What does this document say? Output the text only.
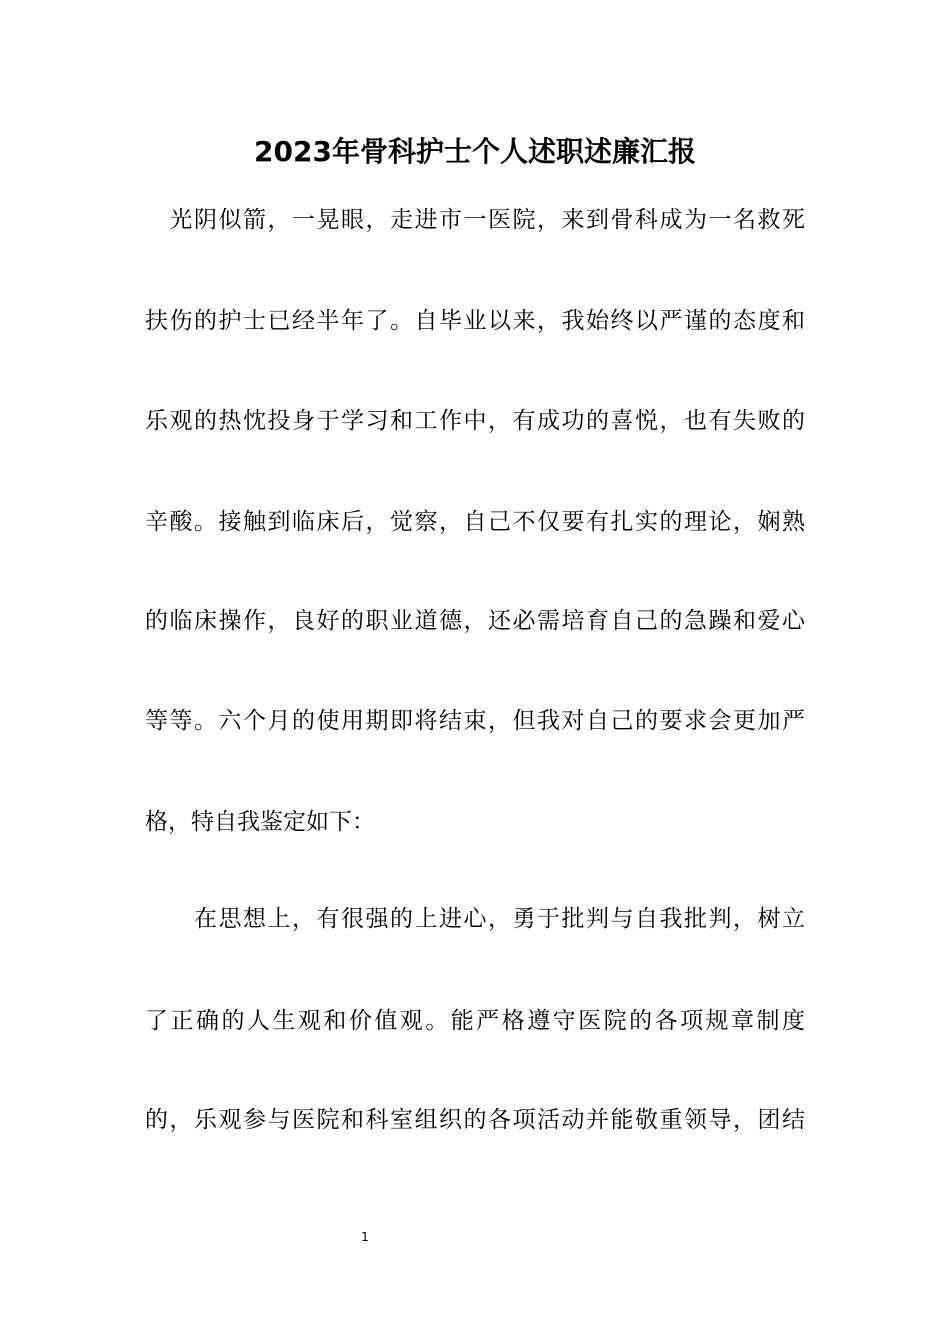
2023年骨科护士个人述职述廉汇报

　光阴似箭，一晃眼，走进市一医院，来到骨科成为一名救死

扶伤的护士已经半年了。自毕业以来，我始终以严谨的态度和

乐观的热忱投身于学习和工作中，有成功的喜悦，也有失败的

辛酸。接触到临床后，觉察，自己不仅要有扎实的理论，娴熟

的临床操作，良好的职业道德，还必需培育自己的急躁和爱心

等等。六个月的使用期即将结束，但我对自己的要求会更加严

格，特自我鉴定如下：

　　在思想上，有很强的上进心，勇于批判与自我批判，树立

了正确的人生观和价值观。能严格遵守医院的各项规章制度

的，乐观参与医院和科室组织的各项活动并能敬重领导，团结

1
